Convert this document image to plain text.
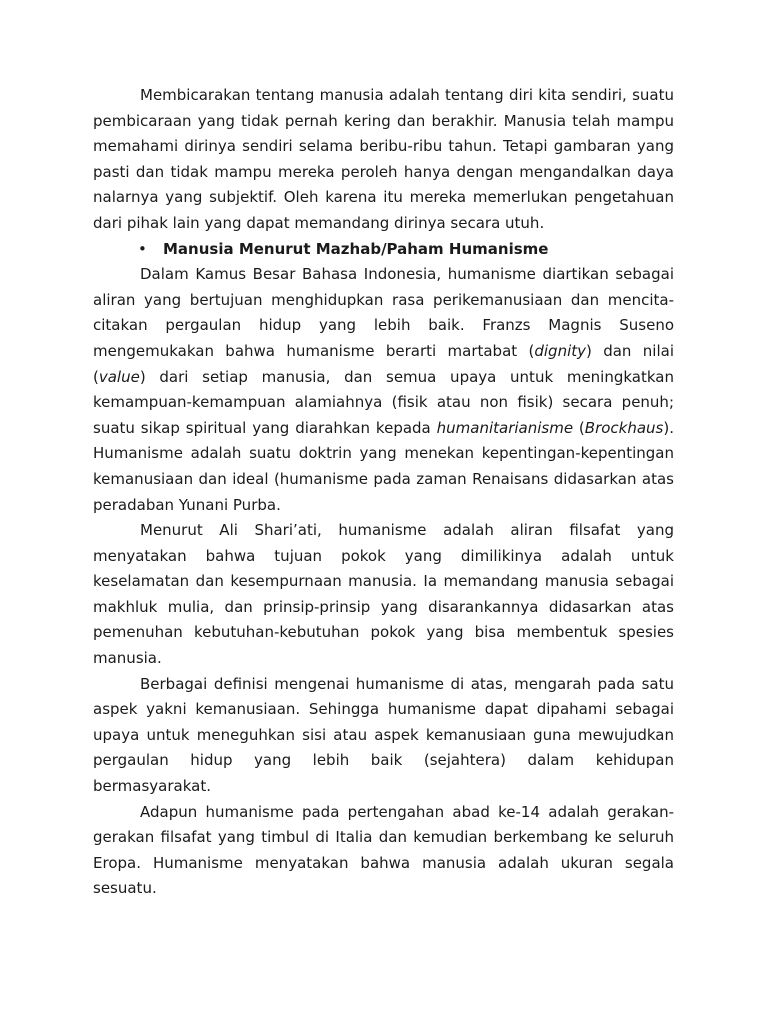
Membicarakan tentang manusia adalah tentang diri kita sendiri, suatu pembicaraan yang tidak pernah kering dan berakhir. Manusia telah mampu memahami dirinya sendiri selama beribu-ribu tahun. Tetapi gambaran yang pasti dan tidak mampu mereka peroleh hanya dengan mengandalkan daya nalarnya yang subjektif. Oleh karena itu mereka memerlukan pengetahuan dari pihak lain yang dapat memandang dirinya secara utuh.

• Manusia Menurut Mazhab/Paham Humanisme

Dalam Kamus Besar Bahasa Indonesia, humanisme diartikan sebagai aliran yang bertujuan menghidupkan rasa perikemanusiaan dan mencita-citakan pergaulan hidup yang lebih baik. Franzs Magnis Suseno mengemukakan bahwa humanisme berarti martabat (dignity) dan nilai (value) dari setiap manusia, dan semua upaya untuk meningkatkan kemampuan-kemampuan alamiahnya (fisik atau non fisik) secara penuh; suatu sikap spiritual yang diarahkan kepada humanitarianisme (Brockhaus). Humanisme adalah suatu doktrin yang menekan kepentingan-kepentingan kemanusiaan dan ideal (humanisme pada zaman Renaisans didasarkan atas peradaban Yunani Purba.

Menurut Ali Shari’ati, humanisme adalah aliran filsafat yang menyatakan bahwa tujuan pokok yang dimilikinya adalah untuk keselamatan dan kesempurnaan manusia. Ia memandang manusia sebagai makhluk mulia, dan prinsip-prinsip yang disarankannya didasarkan atas pemenuhan kebutuhan-kebutuhan pokok yang bisa membentuk spesies manusia.

Berbagai definisi mengenai humanisme di atas, mengarah pada satu aspek yakni kemanusiaan. Sehingga humanisme dapat dipahami sebagai upaya untuk meneguhkan sisi atau aspek kemanusiaan guna mewujudkan pergaulan hidup yang lebih baik (sejahtera) dalam kehidupan bermasyarakat.

Adapun humanisme pada pertengahan abad ke-14 adalah gerakan-gerakan filsafat yang timbul di Italia dan kemudian berkembang ke seluruh Eropa. Humanisme menyatakan bahwa manusia adalah ukuran segala sesuatu.
